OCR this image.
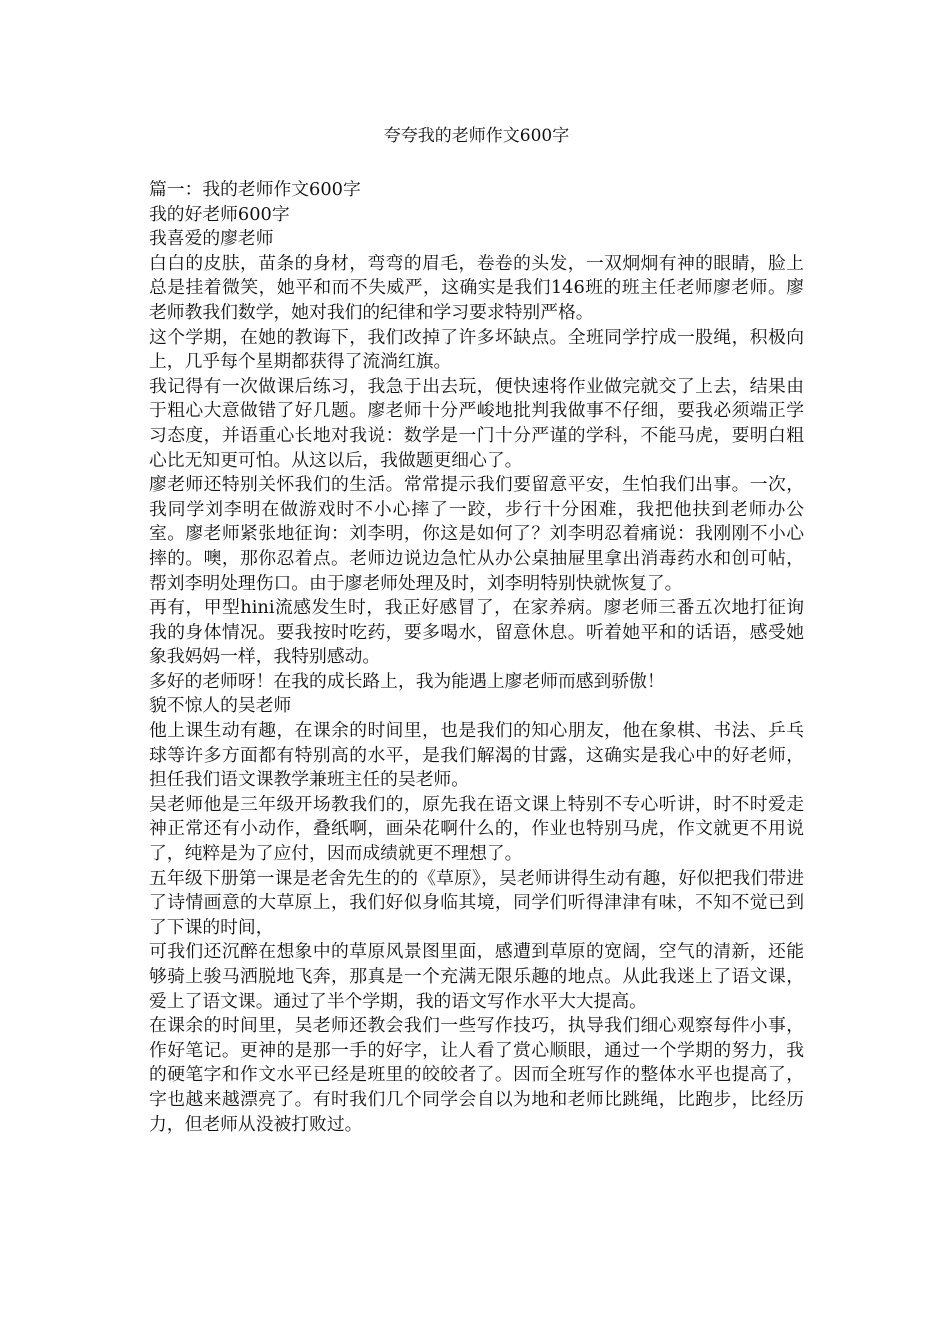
夸夸我的老师作文600字
篇一：我的老师作文600字
我的好老师600字
我喜爱的廖老师

白白的皮肤，苗条的身材，弯弯的眉毛，卷卷的头发，一双炯炯有神的眼睛，脸上总是挂着微笑，她平和而不失威严，这确实是我们146班的班主任老师廖老师。廖老师教我们数学，她对我们的纪律和学习要求特别严格。

这个学期，在她的教诲下，我们改掉了许多坏缺点。全班同学拧成一股绳，积极向上，几乎每个星期都获得了流淌红旗。

我记得有一次做课后练习，我急于出去玩，便快速将作业做完就交了上去，结果由于粗心大意做错了好几题。廖老师十分严峻地批判我做事不仔细，要我必须端正学习态度，并语重心长地对我说：数学是一门十分严谨的学科，不能马虎，要明白粗心比无知更可怕。从这以后，我做题更细心了。

廖老师还特别关怀我们的生活。常常提示我们要留意平安，生怕我们出事。一次，我同学刘李明在做游戏时不小心摔了一跤，步行十分困难，我把他扶到老师办公室。廖老师紧张地征询：刘李明，你这是如何了？刘李明忍着痛说：我刚刚不小心摔的。噢，那你忍着点。老师边说边急忙从办公桌抽屉里拿出消毒药水和创可帖，帮刘李明处理伤口。由于廖老师处理及时，刘李明特别快就恢复了。

再有，甲型hini流感发生时，我正好感冒了，在家养病。廖老师三番五次地打征询我的身体情况。要我按时吃药，要多喝水，留意休息。听着她平和的话语，感受她象我妈妈一样，我特别感动。

多好的老师呀！在我的成长路上，我为能遇上廖老师而感到骄傲！

貌不惊人的吴老师

他上课生动有趣，在课余的时间里，也是我们的知心朋友，他在象棋、书法、乒乓球等许多方面都有特别高的水平，是我们解渴的甘露，这确实是我心中的好老师，担任我们语文课教学兼班主任的吴老师。

吴老师他是三年级开场教我们的，原先我在语文课上特别不专心听讲，时不时爱走神正常还有小动作，叠纸啊，画朵花啊什么的，作业也特别马虎，作文就更不用说了，纯粹是为了应付，因而成绩就更不理想了。

五年级下册第一课是老舍先生的的《草原》，吴老师讲得生动有趣，好似把我们带进了诗情画意的大草原上，我们好似身临其境，同学们听得津津有味，不知不觉已到了下课的时间，

可我们还沉醉在想象中的草原风景图里面，感遭到草原的宽阔，空气的清新，还能够骑上骏马洒脱地飞奔，那真是一个充满无限乐趣的地点。从此我迷上了语文课，爱上了语文课。通过了半个学期，我的语文写作水平大大提高。

在课余的时间里，吴老师还教会我们一些写作技巧，执导我们细心观察每件小事，作好笔记。更神的是那一手的好字，让人看了赏心顺眼，通过一个学期的努力，我的硬笔字和作文水平已经是班里的皎皎者了。因而全班写作的整体水平也提高了，字也越来越漂亮了。有时我们几个同学会自以为地和老师比跳绳，比跑步，比经历力，但老师从没被打败过。
